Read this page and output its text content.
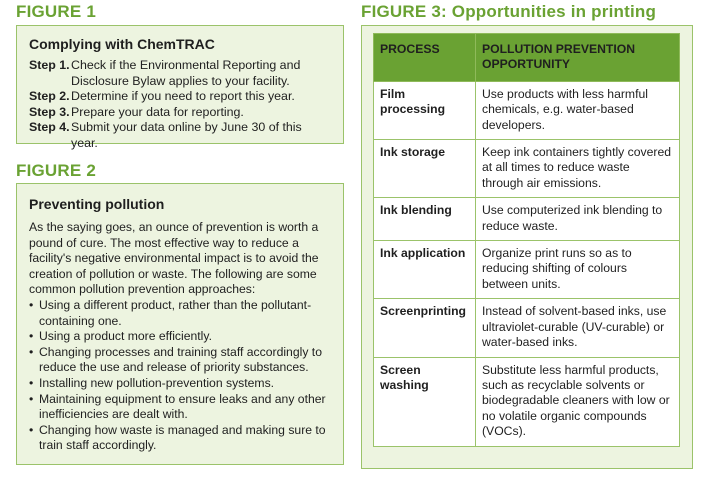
FIGURE 1
Complying with ChemTRAC
Step 1. Check if the Environmental Reporting and Disclosure Bylaw applies to your facility.
Step 2. Determine if you need to report this year.
Step 3. Prepare your data for reporting.
Step 4. Submit your data online by June 30 of this year.
FIGURE 2
Preventing pollution
As the saying goes, an ounce of prevention is worth a pound of cure. The most effective way to reduce a facility's negative environmental impact is to avoid the creation of pollution or waste. The following are some common pollution prevention approaches:
• Using a different product, rather than the pollutant-containing one.
• Using a product more efficiently.
• Changing processes and training staff accordingly to reduce the use and release of priority substances.
• Installing new pollution-prevention systems.
• Maintaining equipment to ensure leaks and any other inefficiencies are dealt with.
• Changing how waste is managed and making sure to train staff accordingly.
FIGURE 3: Opportunities in printing
PROCESS	POLLUTION PREVENTION OPPORTUNITY
Film processing	Use products with less harmful chemicals, e.g. water-based developers.
Ink storage	Keep ink containers tightly covered at all times to reduce waste through air emissions.
Ink blending	Use computerized ink blending to reduce waste.
Ink application	Organize print runs so as to reducing shifting of colours between units.
Screenprinting	Instead of solvent-based inks, use ultraviolet-curable (UV-curable) or water-based inks.
Screen washing	Substitute less harmful products, such as recyclable solvents or biodegradable cleaners with low or no volatile organic compounds (VOCs).
